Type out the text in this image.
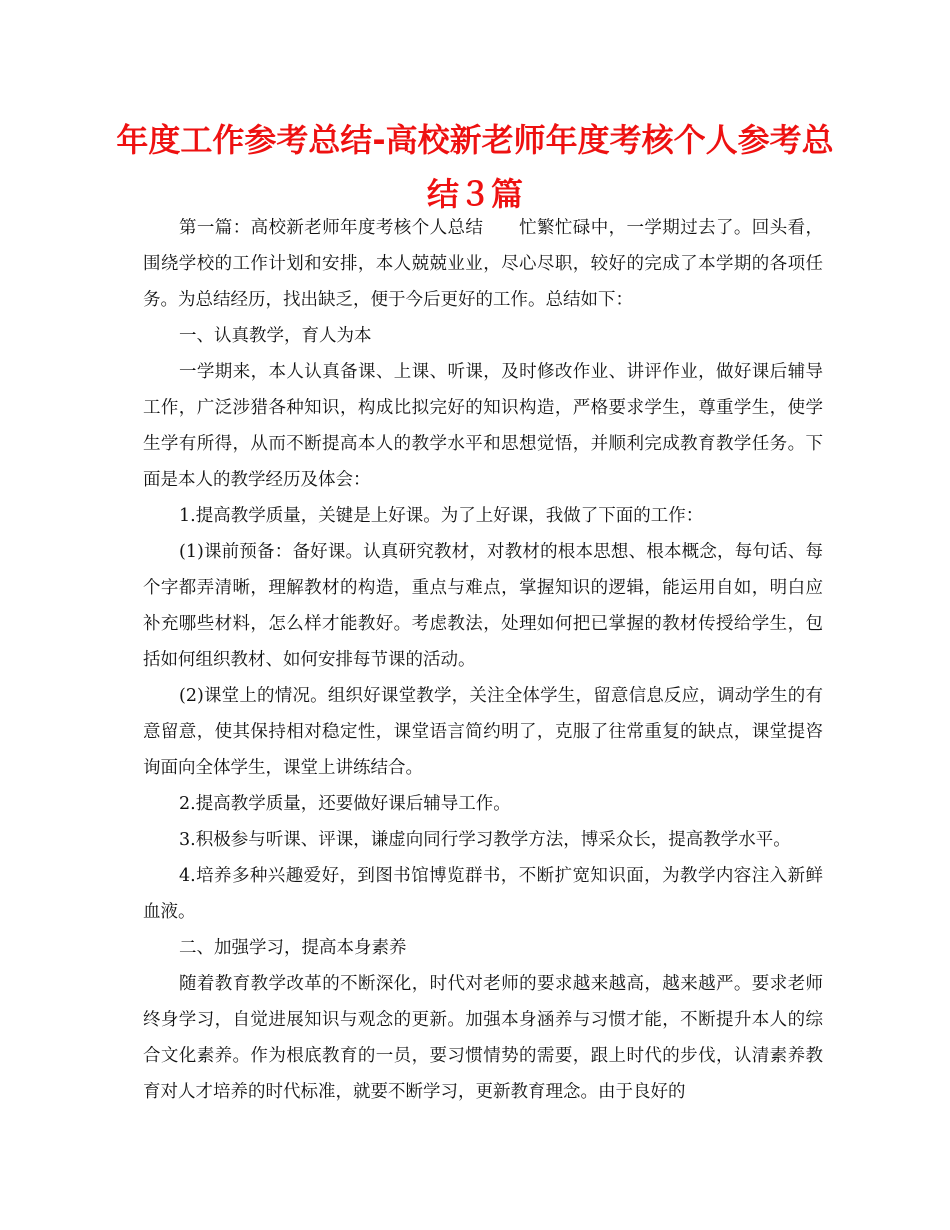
年度工作参考总结-高校新老师年度考核个人参考总结３篇

第一篇：高校新老师年度考核个人总结　　忙繁忙碌中，一学期过去了。回头看，围绕学校的工作计划和安排，本人兢兢业业，尽心尽职，较好的完成了本学期的各项任务。为总结经历，找出缺乏，便于今后更好的工作。总结如下：

一、认真教学，育人为本

一学期来，本人认真备课、上课、听课，及时修改作业、讲评作业，做好课后辅导工作，广泛涉猎各种知识，构成比拟完好的知识构造，严格要求学生，尊重学生，使学生学有所得，从而不断提高本人的教学水平和思想觉悟，并顺利完成教育教学任务。下面是本人的教学经历及体会：

1.提高教学质量，关键是上好课。为了上好课，我做了下面的工作：

(1)课前预备：备好课。认真研究教材，对教材的根本思想、根本概念，每句话、每个字都弄清晰，理解教材的构造，重点与难点，掌握知识的逻辑，能运用自如，明白应补充哪些材料，怎么样才能教好。考虑教法，处理如何把已掌握的教材传授给学生，包括如何组织教材、如何安排每节课的活动。

(2)课堂上的情况。组织好课堂教学，关注全体学生，留意信息反应，调动学生的有意留意，使其保持相对稳定性，课堂语言简约明了，克服了往常重复的缺点，课堂提咨询面向全体学生，课堂上讲练结合。

2.提高教学质量，还要做好课后辅导工作。

3.积极参与听课、评课，谦虚向同行学习教学方法，博采众长，提高教学水平。

4.培养多种兴趣爱好，到图书馆博览群书，不断扩宽知识面，为教学内容注入新鲜血液。

二、加强学习，提高本身素养

随着教育教学改革的不断深化，时代对老师的要求越来越高，越来越严。要求老师终身学习，自觉进展知识与观念的更新。加强本身涵养与习惯才能，不断提升本人的综合文化素养。作为根底教育的一员，要习惯情势的需要，跟上时代的步伐，认清素养教育对人才培养的时代标准，就要不断学习，更新教育理念。由于良好的
